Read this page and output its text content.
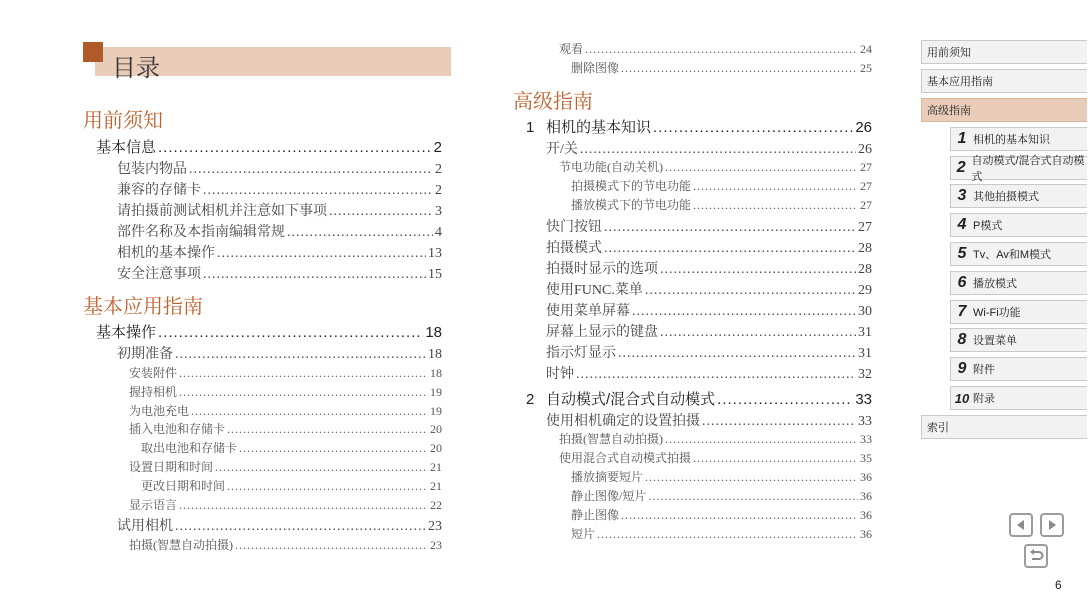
目录
用前须知
基本应用指南
基本信息 .....	2
包装内物品 .....	2
兼容的存储卡 .....	2
请拍摄前测试相机并注意如下事项 .....	3
部件名称及本指南编辑常规 .....	4
相机的基本操作 .....	13
安全注意事项 .....	15
基本操作 .....	18
初期准备 .....	18
安装附件 .....	18
握持相机 .....	19
为电池充电 .....	19
插入电池和存储卡 .....	20
取出电池和存储卡 .....	20
设置日期和时间 .....	21
更改日期和时间 .....	21
显示语言 .....	22
试用相机 .....	23
拍摄(智慧自动拍摄) .....	23
观看 .....	24
删除图像 .....	25
高级指南
1 相机的基本知识 .....	26
开/关 .....	26
节电功能(自动关机) .....	27
拍摄模式下的节电功能 .....	27
播放模式下的节电功能 .....	27
快门按钮 .....	27
拍摄模式 .....	28
拍摄时显示的选项 .....	28
使用FUNC.菜单 .....	29
使用菜单屏幕 .....	30
屏幕上显示的键盘 .....	31
指示灯显示 .....	31
时钟 .....	32
2 自动模式/混合式自动模式 .....	33
使用相机确定的设置拍摄 .....	33
拍摄(智慧自动拍摄) .....	33
使用混合式自动模式拍摄 .....	35
播放摘要短片 .....	36
静止图像/短片 .....	36
静止图像 .....	36
短片 .....	36
用前须知
基本应用指南
高级指南
1 相机的基本知识
2 自动模式/混合式自动模式
3 其他拍摄模式
4 P模式
5 Tv、Av和M模式
6 播放模式
7 Wi-Fi功能
8 设置菜单
9 附件
10 附录
索引
6
